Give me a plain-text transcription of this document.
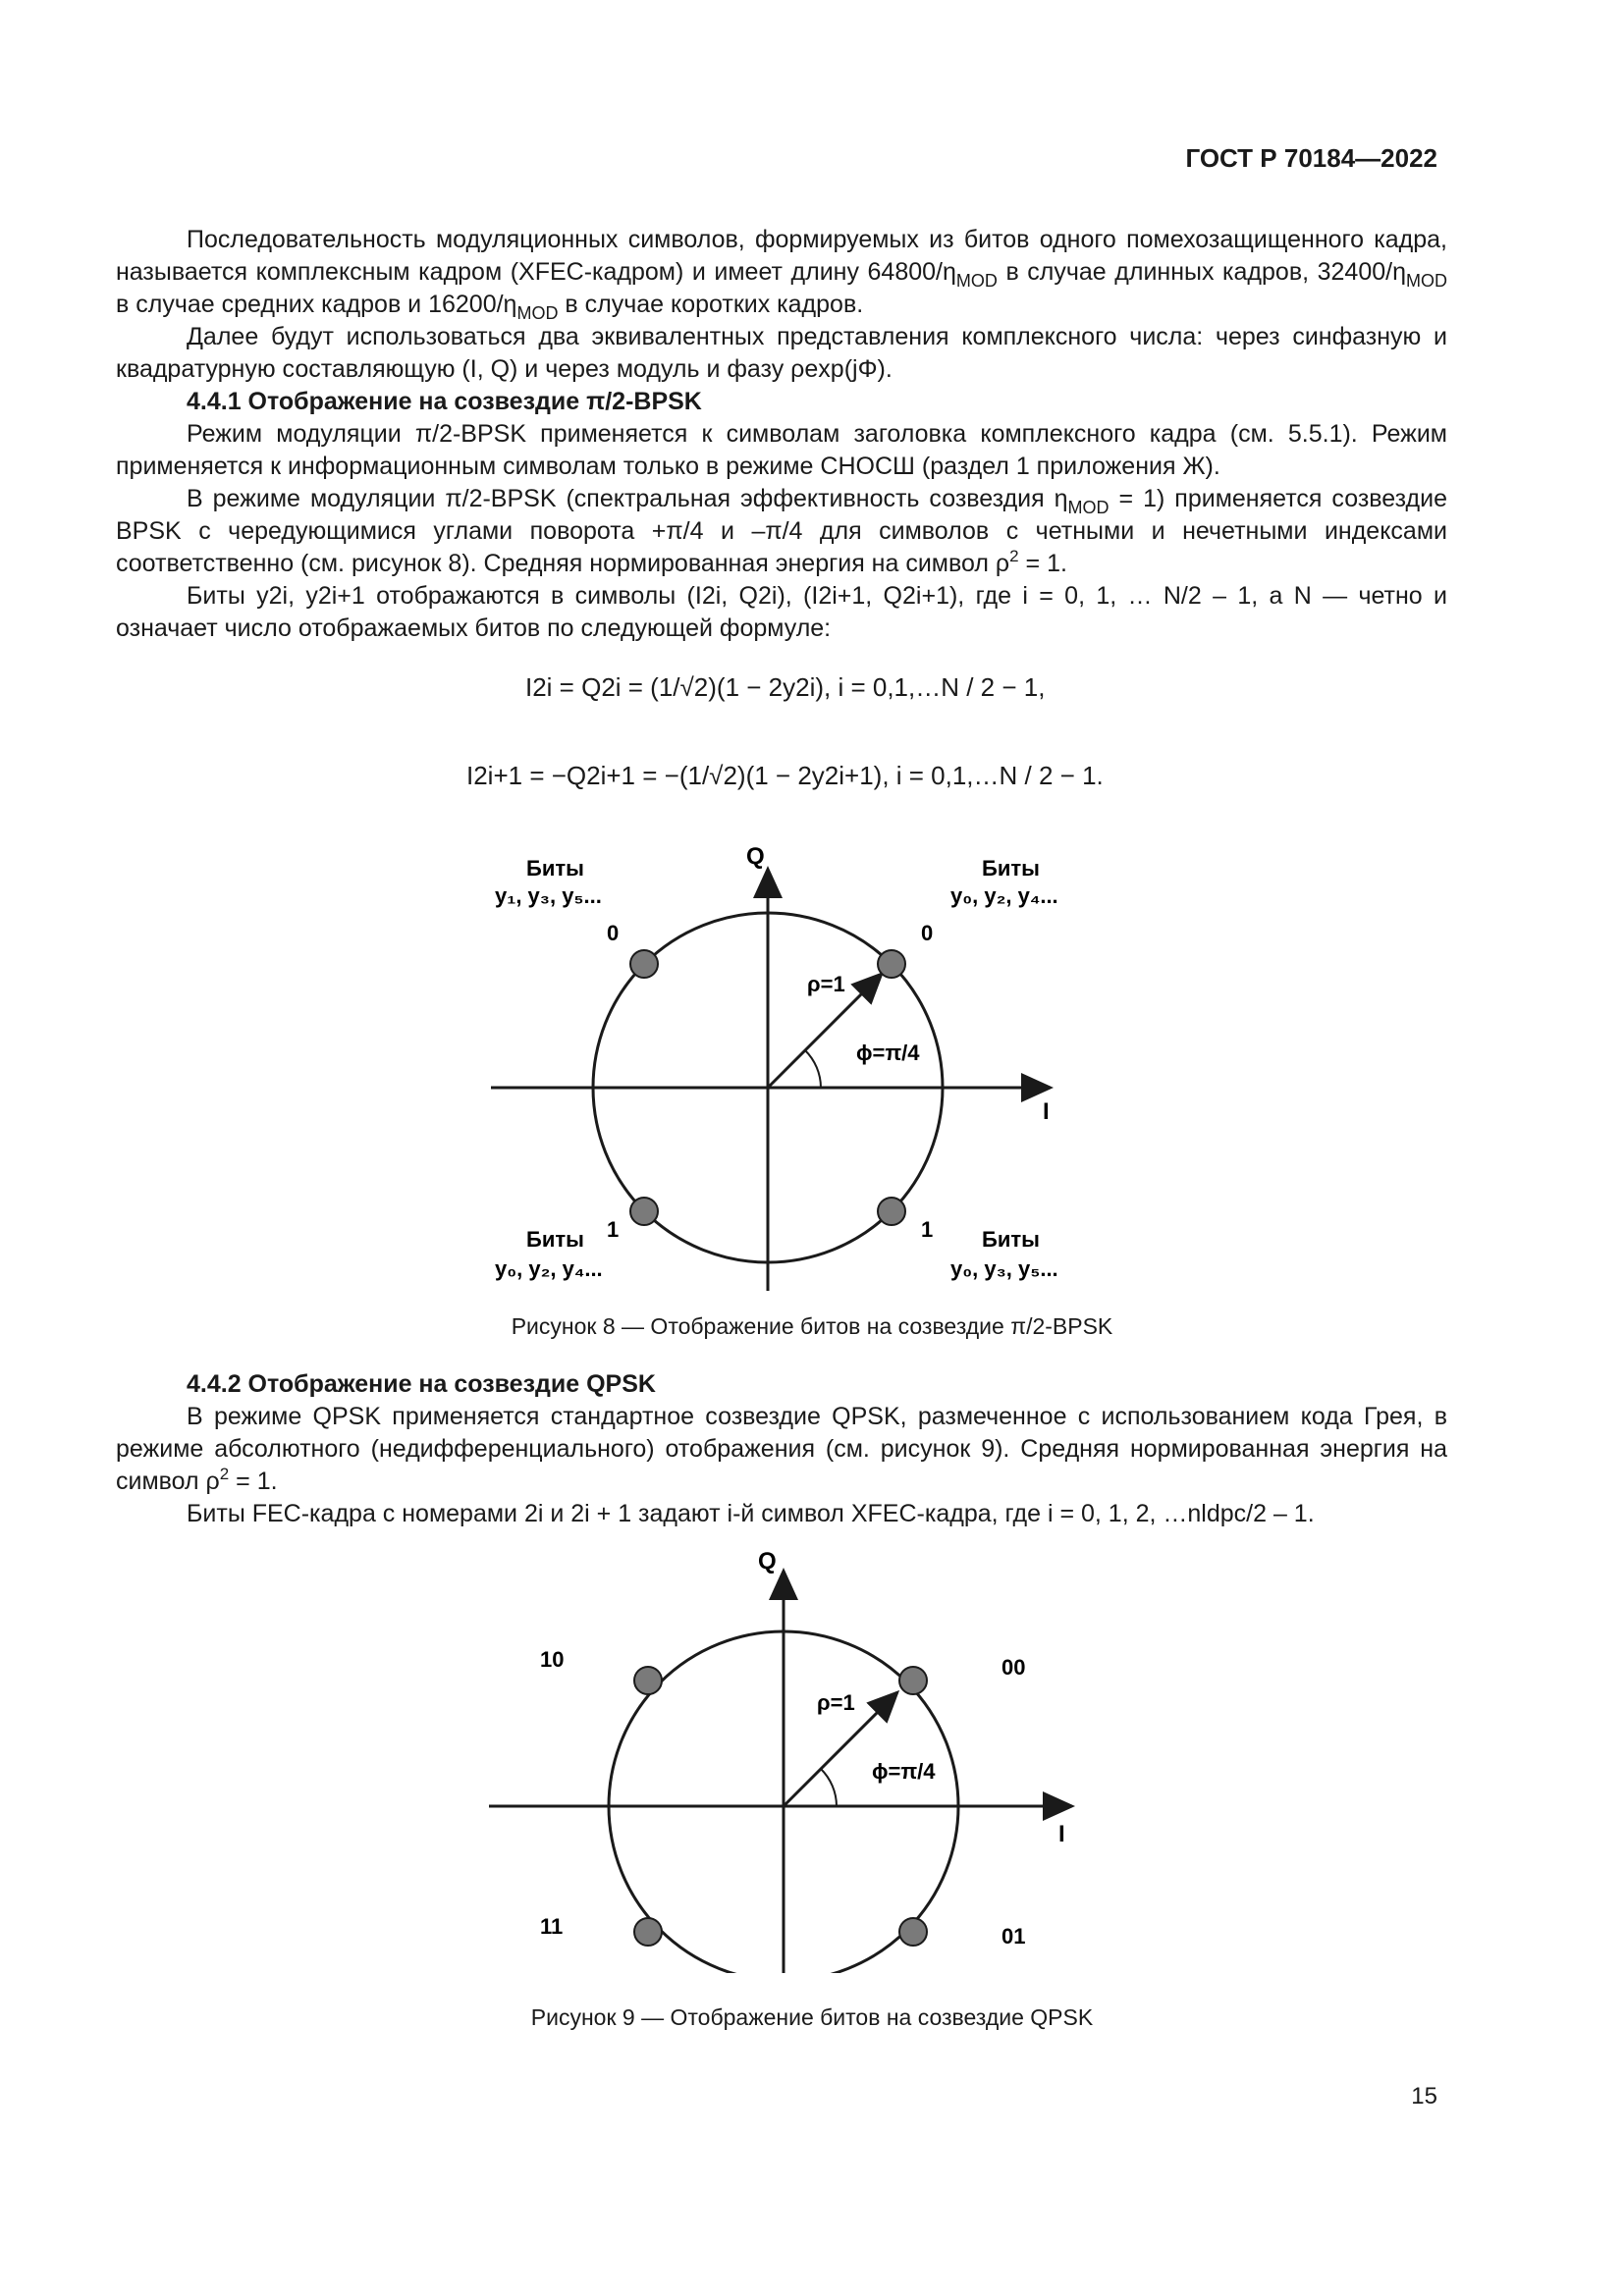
ГОСТ Р 70184—2022

Последовательность модуляционных символов, формируемых из битов одного помехозащищенного кадра, называется комплексным кадром (XFEC-кадром) и имеет длину $64800/\eta_{MOD}$ в случае длинных кадров, $32400/\eta_{MOD}$ в случае средних кадров и $16200/\eta_{MOD}$ в случае коротких кадров.

Далее будут использоваться два эквивалентных представления комплексного числа: через синфазную и квадратурную составляющую (I, Q) и через модуль и фазу ρexp(jΦ).

4.4.1 Отображение на созвездие π/2-BPSK

Режим модуляции π/2-BPSK применяется к символам заголовка комплексного кадра (см. 5.5.1). Режим применяется к информационным символам только в режиме СНОСШ (раздел 1 приложения Ж).

В режиме модуляции π/2-BPSK (спектральная эффективность созвездия $\eta_{MOD} = 1$) применяется созвездие BPSK с чередующимися углами поворота +π/4 и –π/4 для символов с четными и нечетными индексами соответственно (см. рисунок 8). Средняя нормированная энергия на символ $\rho^2 = 1$.

Биты y2i, y2i+1 отображаются в символы (I2i, Q2i), (I2i+1, Q2i+1), где i = 0, 1, … N/2 – 1, а N — четно и означает число отображаемых битов по следующей формуле:

I2i = Q2i = (1/√2)(1 − 2y2i), i = 0,1,…N / 2 − 1,
I2i+1 = −Q2i+1 = −(1/√2)(1 − 2y2i+1), i = 0,1,…N / 2 − 1.
Q
I
ρ=1
ϕ=π/4
Биты
y₁, y₃, y₅...
0
Биты
y₀, y₂, y₄...
0
1
Биты
y₀, y₂, y₄...
1 Биты
y₀, y₃, y₅...
Рисунок 8 — Отображение битов на созвездие π/2-BPSK

4.4.2 Отображение на созвездие QPSK

В режиме QPSK применяется стандартное созвездие QPSK, размеченное с использованием кода Грея, в режиме абсолютного (недифференциального) отображения (см. рисунок 9). Средняя нормированная энергия на символ $\rho^2 = 1$.

Биты FEC-кадра с номерами 2i и 2i + 1 задают i-й символ XFEC-кадра, где i = 0, 1, 2, …nldpc/2 – 1.

Q
I
ρ=1
ϕ=π/4
10	00
11	01
Рисунок 9 — Отображение битов на созвездие QPSK
15
